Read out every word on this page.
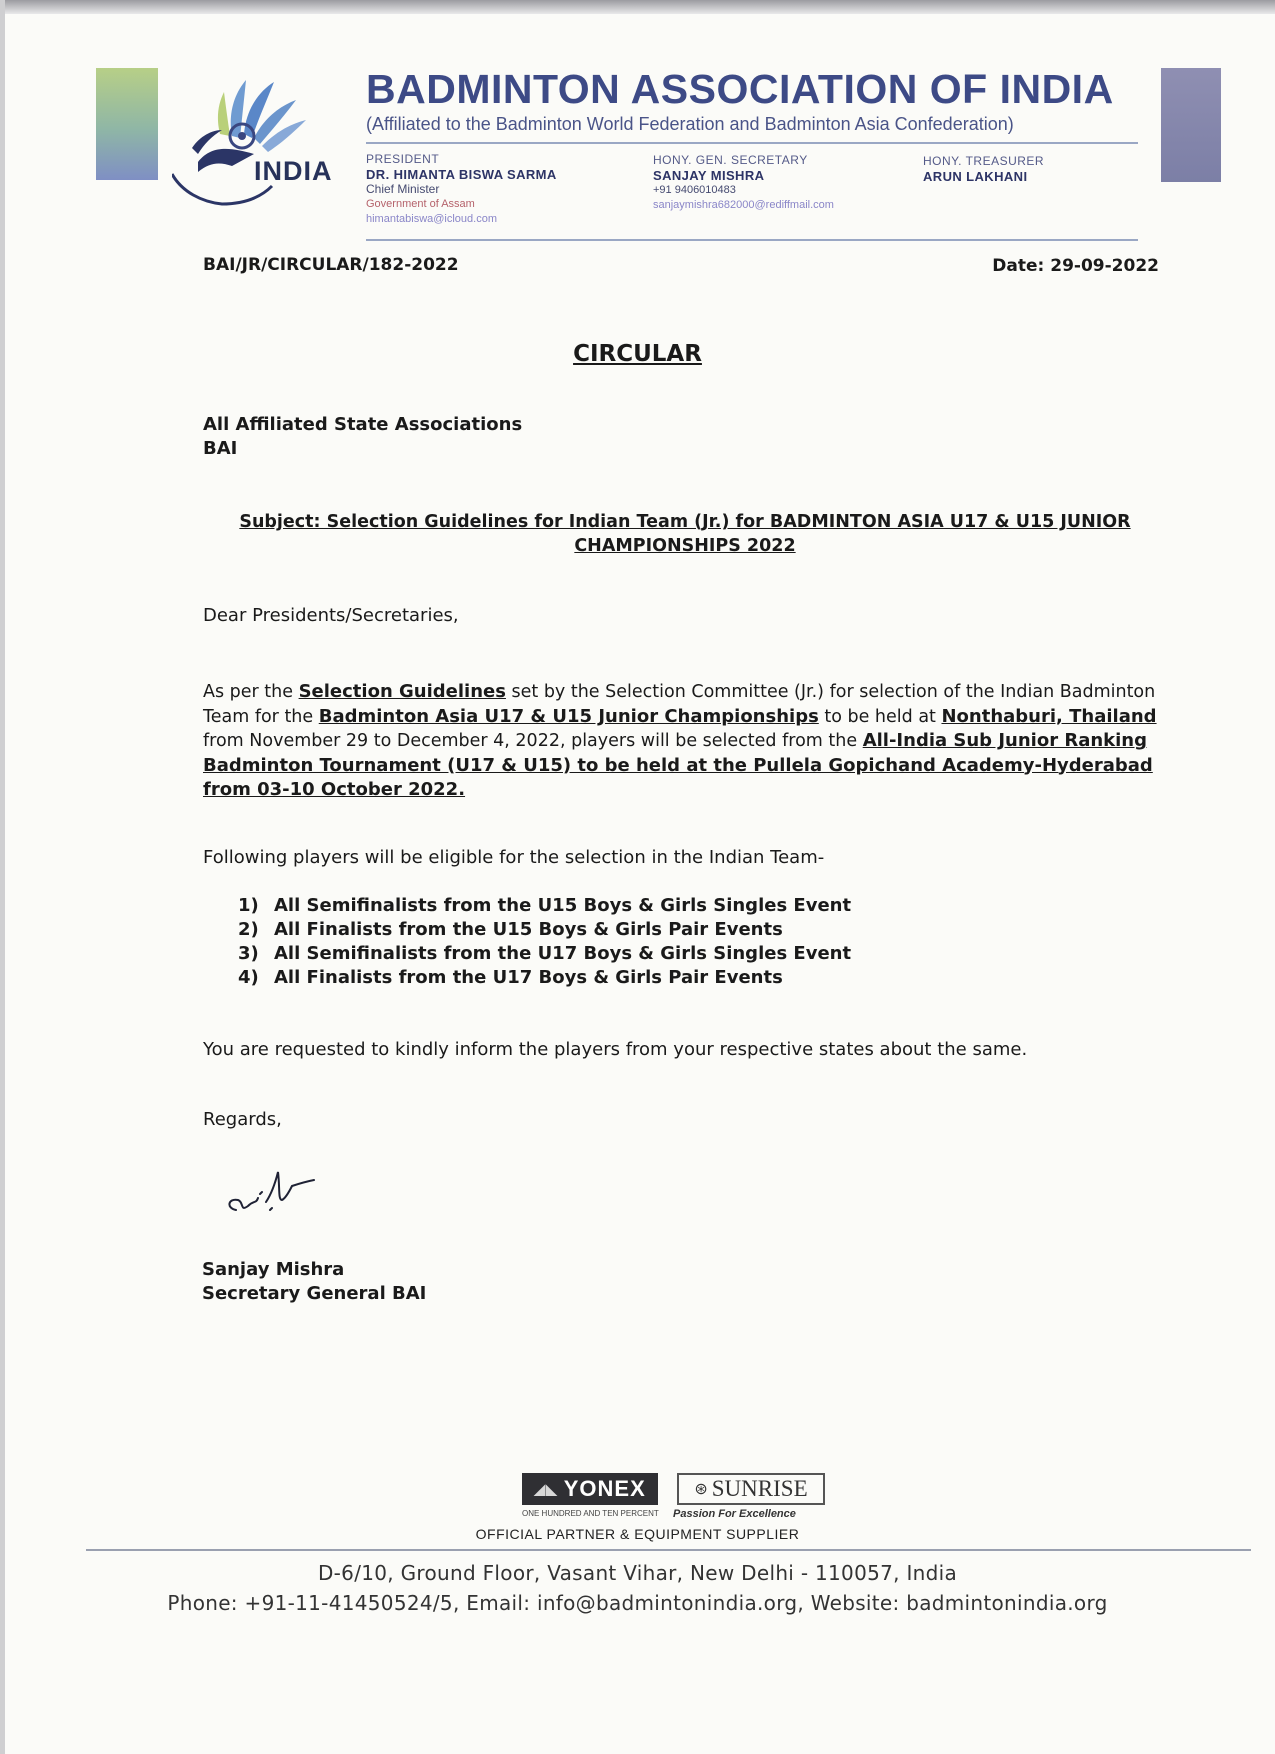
INDIA
BADMINTON ASSOCIATION OF INDIA
(Affiliated to the Badminton World Federation and Badminton Asia Confederation)
PRESIDENT
DR. HIMANTA BISWA SARMA
Chief Minister
Government of Assam
himantabiswa@icloud.com
HONY. GEN. SECRETARY
SANJAY MISHRA
+91 9406010483
sanjaymishra682000@rediffmail.com
HONY. TREASURER
ARUN LAKHANI
BAI/JR/CIRCULAR/182-2022	Date: 29-09-2022
CIRCULAR
All Affiliated State Associations
BAI
Subject: Selection Guidelines for Indian Team (Jr.) for BADMINTON ASIA U17 & U15 JUNIOR CHAMPIONSHIPS 2022
Dear Presidents/Secretaries,
As per the Selection Guidelines set by the Selection Committee (Jr.) for selection of the Indian Badminton Team for the Badminton Asia U17 & U15 Junior Championships to be held at Nonthaburi, Thailand from November 29 to December 4, 2022, players will be selected from the All-India Sub Junior Ranking Badminton Tournament (U17 & U15) to be held at the Pullela Gopichand Academy-Hyderabad from 03-10 October 2022.
Following players will be eligible for the selection in the Indian Team-
1) All Semifinalists from the U15 Boys & Girls Singles Event
2) All Finalists from the U15 Boys & Girls Pair Events
3) All Semifinalists from the U17 Boys & Girls Singles Event
4) All Finalists from the U17 Boys & Girls Pair Events
You are requested to kindly inform the players from your respective states about the same.
Regards,
Sanjay Mishra
Secretary General BAI
◢◣ YONEX	⊛ SUNRISE
ONE HUNDRED AND TEN PERCENT Passion For Excellence
OFFICIAL PARTNER & EQUIPMENT SUPPLIER
D-6/10, Ground Floor, Vasant Vihar, New Delhi - 110057, India
Phone: +91-11-41450524/5, Email: info@badmintonindia.org, Website: badmintonindia.org
